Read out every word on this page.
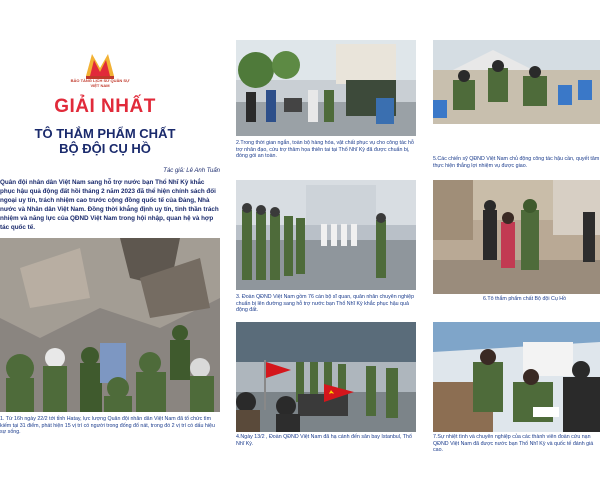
BẢO TÀNG LỊCH SỬ QUÂN SỰ VIỆT NAM
GIẢI NHẤT
TÔ THẮM PHẨM CHẤT
BỘ ĐỘI CỤ HỒ
Tác giả: Lê Anh Tuấn
Quân đội nhân dân Việt Nam sang hỗ trợ nước bạn Thổ Nhĩ Kỳ khắc phục hậu quả động đất hồi tháng 2 năm 2023 đã thể hiện chính sách đối ngoại uy tín, trách nhiệm cao trước cộng đồng quốc tế của Đảng, Nhà nước và Nhân dân Việt Nam. Đồng thời khẳng định uy tín, tinh thần trách nhiệm và năng lực của QĐND Việt Nam trong hội nhập, quan hệ và hợp tác quốc tế.
1. Từ 16h ngày 22/2 tới tỉnh Hatay, lực lượng Quân đội nhân dân Việt Nam đã tổ chức tìm kiếm tại 31 điểm, phát hiện 15 vị trí có người trong đống đổ nát, trong đó 2 vị trí có dấu hiệu sự sống.
2.Trong thời gian ngắn, toàn bộ hàng hóa, vật chất phục vụ cho công tác hỗ trợ nhân đạo, cứu trợ thảm họa thiên tai tại Thổ Nhĩ Kỳ đã được chuẩn bị, đóng gói an toàn.
3. Đoàn QĐND Việt Nam gồm 76 cán bộ sĩ quan, quân nhân chuyên nghiệp chuẩn bị lên đường sang hỗ trợ nước bạn Thổ Nhĩ Kỳ khắc phục hậu quả động đất.
4.Ngày 13/2 , Đoàn QĐND Việt Nam đã hạ cánh đến sân bay Istanbul, Thổ Nhĩ Kỳ.
5.Các chiến sỹ QĐND Việt Nam chủ động công tác hậu cần, quyết tâm thực hiện thắng lợi nhiệm vụ được giao.
6.Tô thắm phẩm chất Bộ đội Cụ Hồ
7.Sự nhiệt tình và chuyên nghiệp của các thành viên đoàn cứu nạn QĐND Việt Nam đã được nước bạn Thổ Nhĩ Kỳ và quốc tế đánh giá cao.
